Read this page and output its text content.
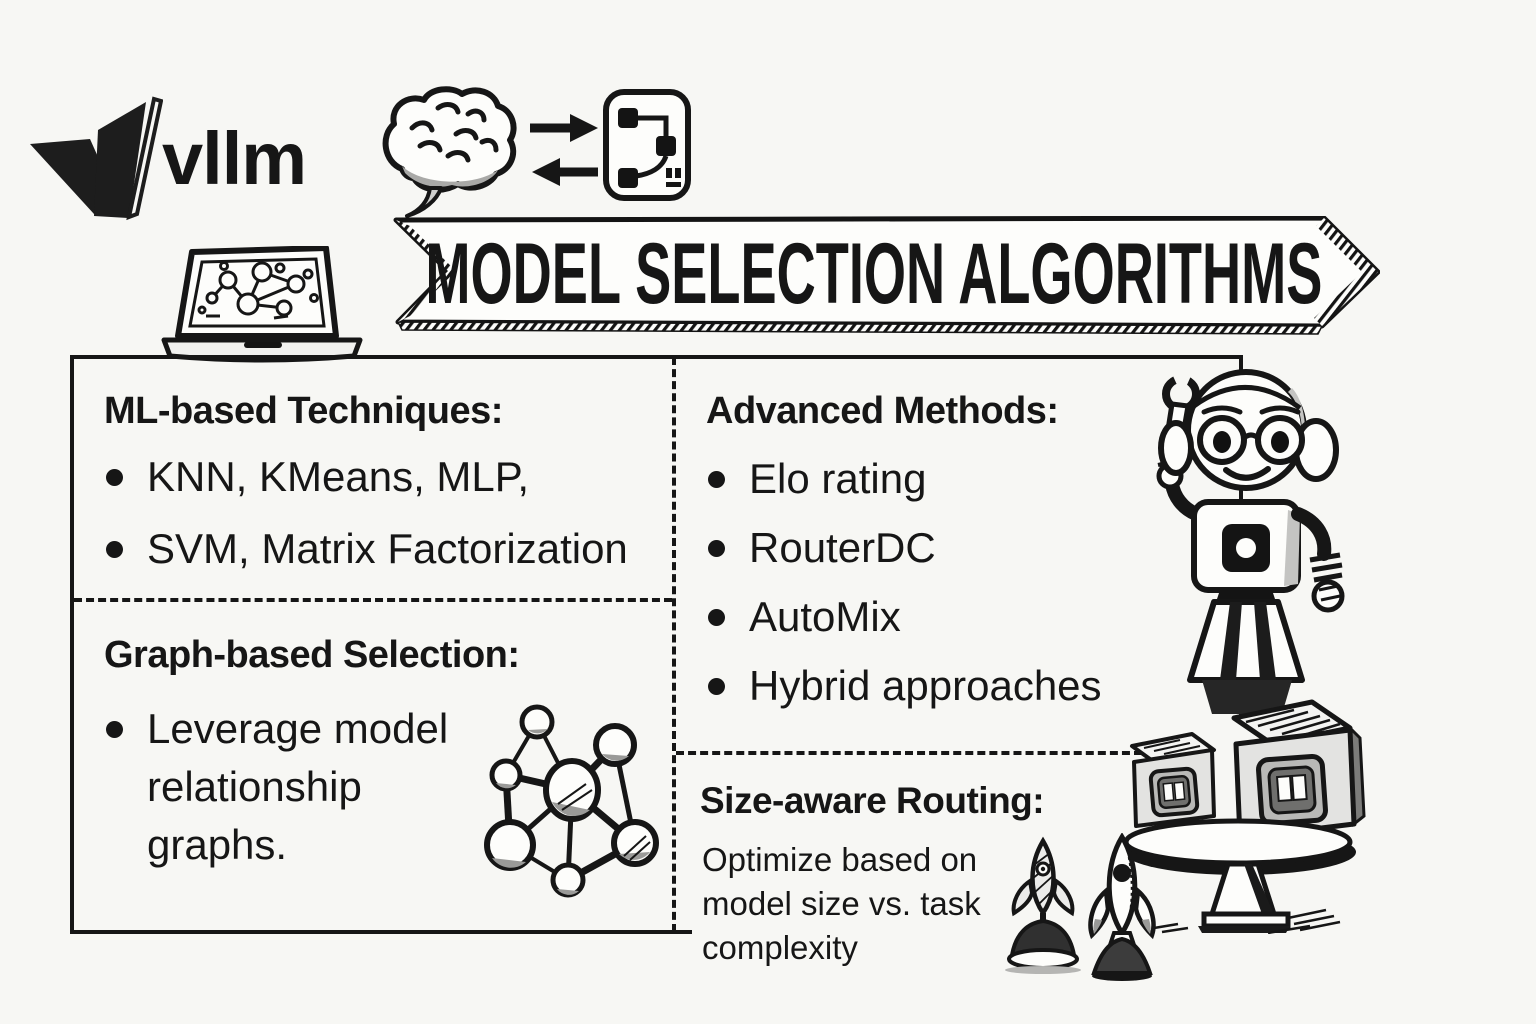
vllm
MODEL SELECTION ALGORITHMS
ML-based Techniques:
KNN, KMeans, MLP,
SVM, Matrix Factorization
Graph-based Selection:
Leverage model relationship graphs.
Advanced Methods:
Elo rating
RouterDC
AutoMix
Hybrid approaches
Size-aware Routing:
Optimize based on model size vs. task complexity
